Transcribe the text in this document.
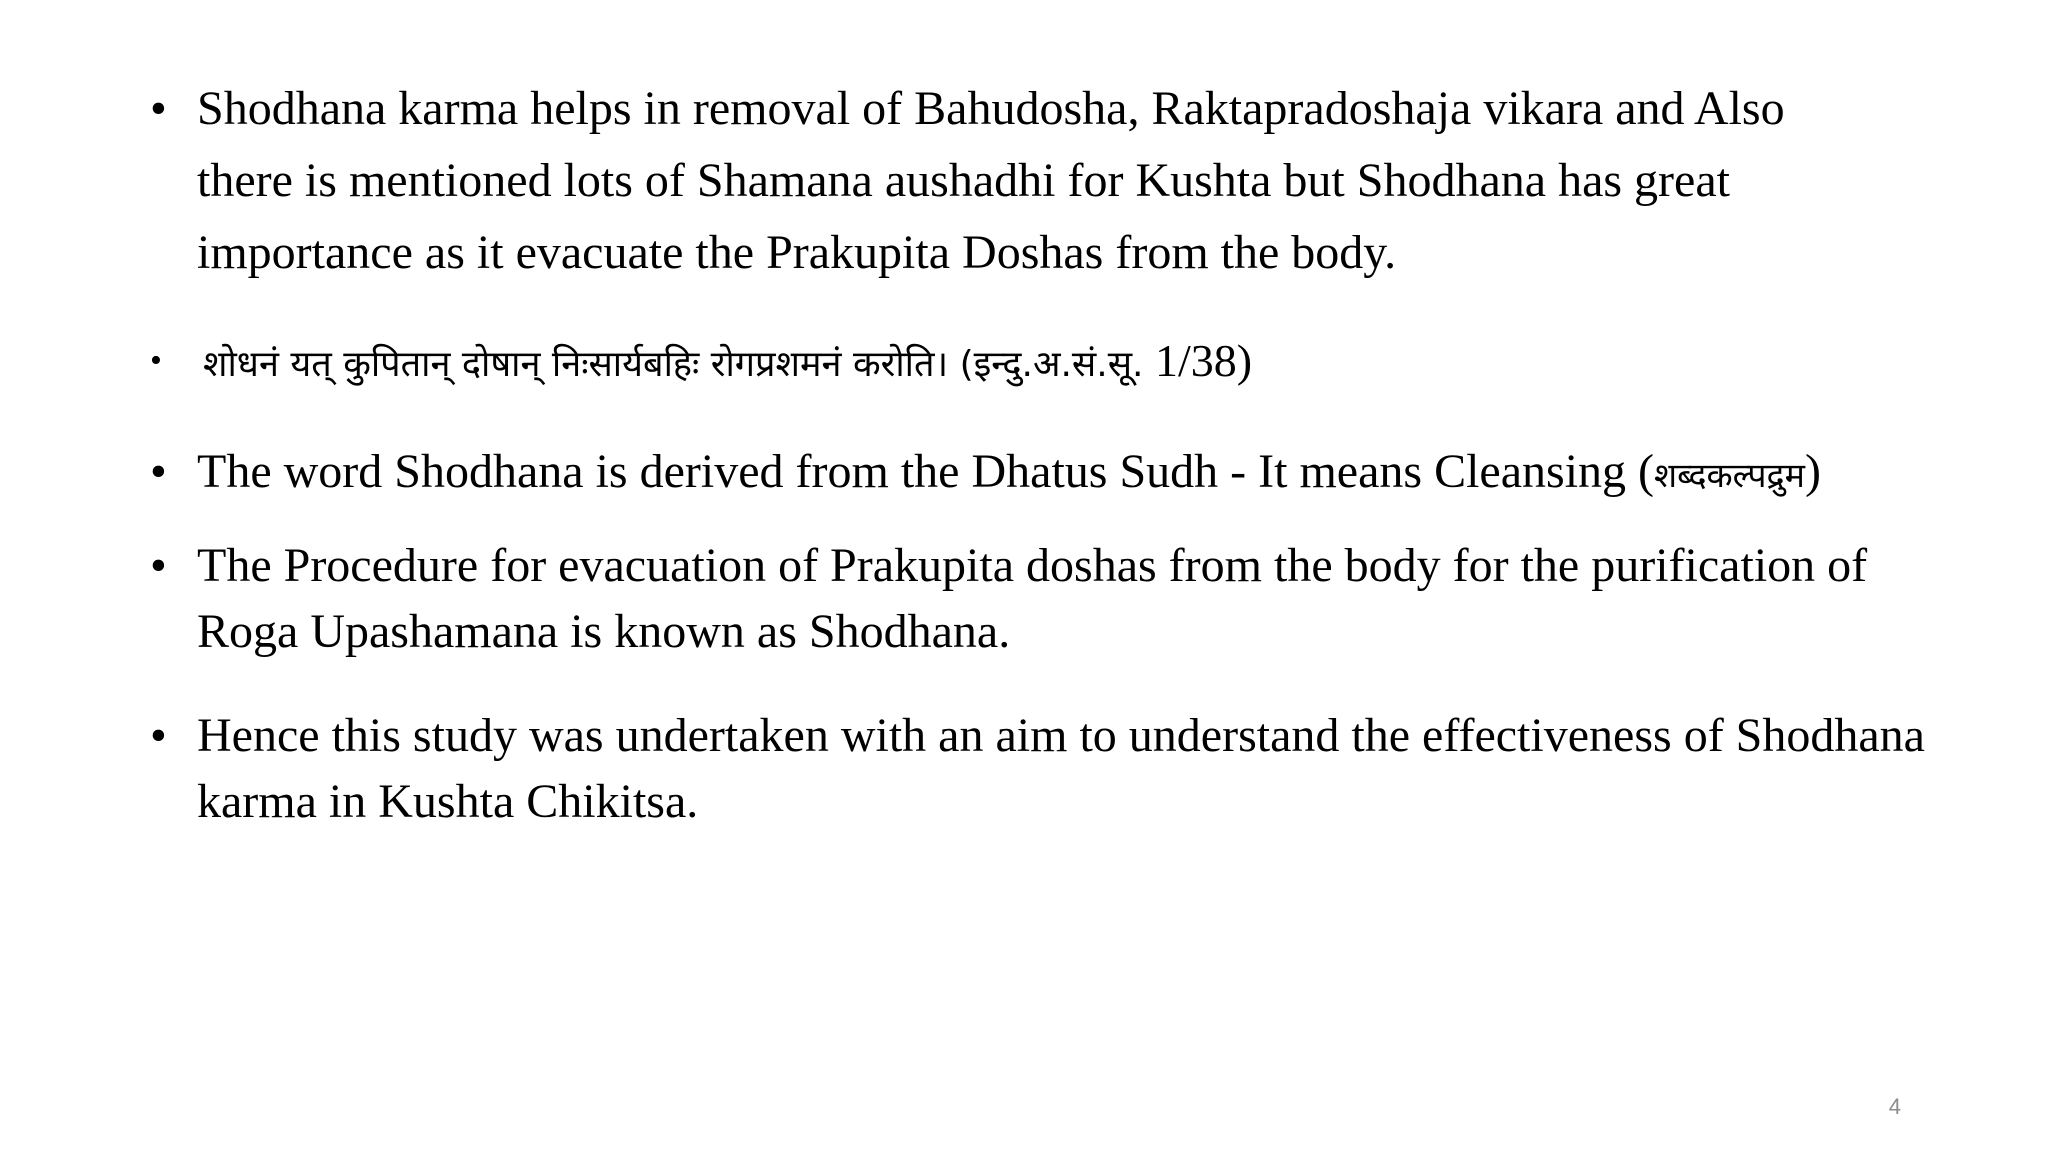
• Shodhana karma helps in removal of Bahudosha, Raktapradoshaja vikara and Also
there is mentioned lots of Shamana aushadhi for Kushta but Shodhana has great
importance as it evacuate the Prakupita Doshas from the body.
• शोधनं यत् कुपितान् दोषान् निःसार्यबहिः रोगप्रशमनं करोति। (इन्दु.अ.सं.सू. 1/38)
• The word Shodhana is derived from the Dhatus Sudh - It means Cleansing (शब्दकल्पद्रुम)
• The Procedure for evacuation of Prakupita doshas from the body for the purification of
Roga Upashamana is known as Shodhana.
• Hence this study was undertaken with an aim to understand the effectiveness of Shodhana
karma in Kushta Chikitsa.
4
